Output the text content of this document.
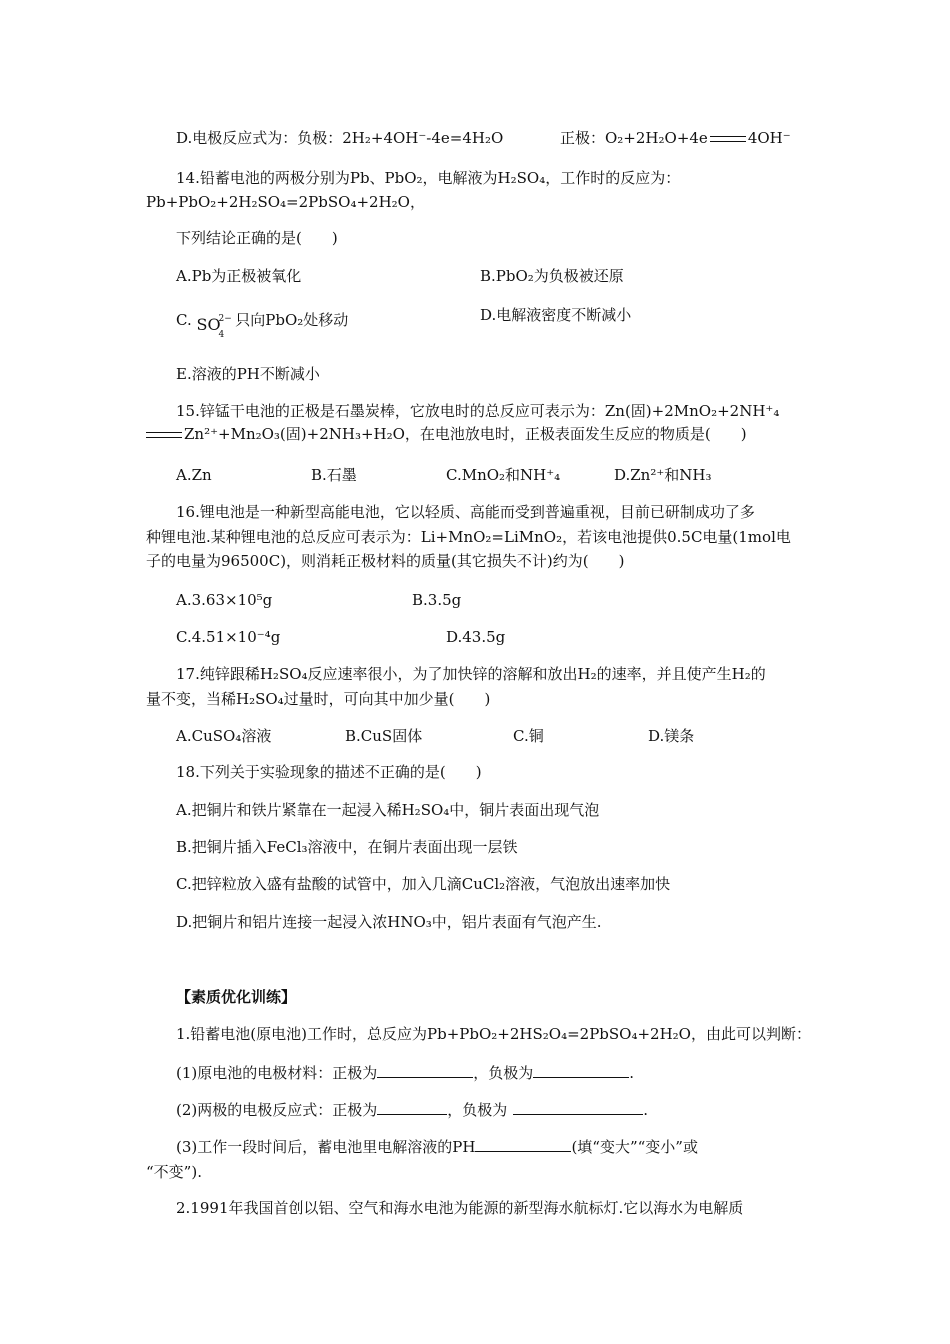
D.电极反应式为：负极：2H₂+4OH⁻-4e=4H₂O	正极：O₂+2H₂O+4e	4OH⁻
14.铅蓄电池的两极分别为Pb、PbO₂，电解液为H₂SO₄，工作时的反应为：
Pb+PbO₂+2H₂SO₄=2PbSO₄+2H₂O，
下列结论正确的是(　　)
A.Pb为正极被氧化	B.PbO₂为负极被还原
C. SO
2−
4
只向PbO₂处移动	D.电解液密度不断减小
E.溶液的PH不断减小
15.锌锰干电池的正极是石墨炭棒，它放电时的总反应可表示为：Zn(固)+2MnO₂+2NH⁺₄
Zn²⁺+Mn₂O₃(固)+2NH₃+H₂O，在电池放电时，正极表面发生反应的物质是(　　)
A.Zn	B.石墨	C.MnO₂和NH⁺₄	D.Zn²⁺和NH₃
16.锂电池是一种新型高能电池，它以轻质、高能而受到普遍重视，目前已研制成功了多
种锂电池.某种锂电池的总反应可表示为：Li+MnO₂=LiMnO₂，若该电池提供0.5C电量(1mol电
子的电量为96500C)，则消耗正极材料的质量(其它损失不计)约为(　　)
A.3.63×10⁵g	B.3.5g
C.4.51×10⁻⁴g	D.43.5g
17.纯锌跟稀H₂SO₄反应速率很小，为了加快锌的溶解和放出H₂的速率，并且使产生H₂的
量不变，当稀H₂SO₄过量时，可向其中加少量(　　)
A.CuSO₄溶液	B.CuS固体	C.铜	D.镁条
18.下列关于实验现象的描述不正确的是(　　)
A.把铜片和铁片紧靠在一起浸入稀H₂SO₄中，铜片表面出现气泡
B.把铜片插入FeCl₃溶液中，在铜片表面出现一层铁
C.把锌粒放入盛有盐酸的试管中，加入几滴CuCl₂溶液，气泡放出速率加快
D.把铜片和铝片连接一起浸入浓HNO₃中，铝片表面有气泡产生.
【素质优化训练】
1.铅蓄电池(原电池)工作时，总反应为Pb+PbO₂+2HS₂O₄=2PbSO₄+2H₂O，由此可以判断：
(1)原电池的电极材料：正极为	，负极为	.
(2)两极的电极反应式：正极为	，负极为	.
(3)工作一段时间后，蓄电池里电解溶液的PH	(填“变大”“变小”或
“不变”).
2.1991年我国首创以铝、空气和海水电池为能源的新型海水航标灯.它以海水为电解质
